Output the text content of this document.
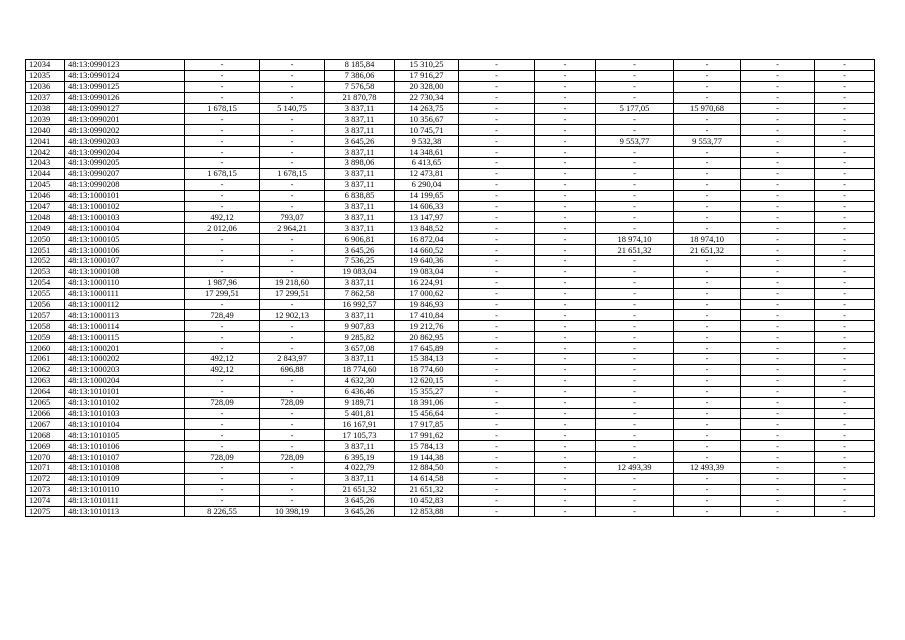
12034	48:13:0990123	-	-	8 185,84	15 310,25	-	-	-	-	-	-
12035	48:13:0990124	-	-	7 386,06	17 916,27	-	-	-	-	-	-
12036	48:13:0990125	-	-	7 576,58	20 328,00	-	-	-	-	-	-
12037	48:13:0990126	-	-	21 870,78	22 730,34	-	-	-	-	-	-
12038	48:13:0990127	1 678,15	5 140,75	3 837,11	14 263,75	-	-	5 177,05	15 970,68	-	-
12039	48:13:0990201	-	-	3 837,11	10 356,67	-	-	-	-	-	-
12040	48:13:0990202	-	-	3 837,11	10 745,71	-	-	-	-	-	-
12041	48:13:0990203	-	-	3 645,26	9 532,38	-	-	9 553,77	9 553,77	-	-
12042	48:13:0990204	-	-	3 837,11	14 348,61	-	-	-	-	-	-
12043	48:13:0990205	-	-	3 898,06	6 413,65	-	-	-	-	-	-
12044	48:13:0990207	1 678,15	1 678,15	3 837,11	12 473,81	-	-	-	-	-	-
12045	48:13:0990208	-	-	3 837,11	6 290,04	-	-	-	-	-	-
12046	48:13:1000101	-	-	6 838,85	14 199,65	-	-	-	-	-	-
12047	48:13:1000102	-	-	3 837,11	14 606,33	-	-	-	-	-	-
12048	48:13:1000103	492,12	793,07	3 837,11	13 147,97	-	-	-	-	-	-
12049	48:13:1000104	2 012,06	2 964,21	3 837,11	13 848,52	-	-	-	-	-	-
12050	48:13:1000105	-	-	6 906,81	16 872,04	-	-	18 974,10	18 974,10	-	-
12051	48:13:1000106	-	-	3 645,26	14 660,52	-	-	21 651,32	21 651,32	-	-
12052	48:13:1000107	-	-	7 536,25	19 640,36	-	-	-	-	-	-
12053	48:13:1000108	-	-	19 083,04	19 083,04	-	-	-	-	-	-
12054	48:13:1000110	1 987,96	19 218,60	3 837,11	16 224,91	-	-	-	-	-	-
12055	48:13:1000111	17 299,51	17 299,51	7 862,58	17 000,62	-	-	-	-	-	-
12056	48:13:1000112	-	-	16 992,57	19 846,93	-	-	-	-	-	-
12057	48:13:1000113	728,49	12 902,13	3 837,11	17 410,84	-	-	-	-	-	-
12058	48:13:1000114	-	-	9 907,83	19 212,76	-	-	-	-	-	-
12059	48:13:1000115	-	-	9 285,82	20 862,95	-	-	-	-	-	-
12060	48:13:1000201	-	-	3 657,08	17 645,89	-	-	-	-	-	-
12061	48:13:1000202	492,12	2 843,97	3 837,11	15 384,13	-	-	-	-	-	-
12062	48:13:1000203	492,12	696,88	18 774,60	18 774,60	-	-	-	-	-	-
12063	48:13:1000204	-	-	4 632,30	12 620,15	-	-	-	-	-	-
12064	48:13:1010101	-	-	6 436,46	15 355,27	-	-	-	-	-	-
12065	48:13:1010102	728,09	728,09	9 189,71	18 391,06	-	-	-	-	-	-
12066	48:13:1010103	-	-	5 401,81	15 456,64	-	-	-	-	-	-
12067	48:13:1010104	-	-	16 167,91	17 917,85	-	-	-	-	-	-
12068	48:13:1010105	-	-	17 105,73	17 991,62	-	-	-	-	-	-
12069	48:13:1010106	-	-	3 837,11	15 784,13	-	-	-	-	-	-
12070	48:13:1010107	728,09	728,09	6 395,19	19 144,38	-	-	-	-	-	-
12071	48:13:1010108	-	-	4 022,79	12 884,50	-	-	12 493,39	12 493,39	-	-
12072	48:13:1010109	-	-	3 837,11	14 614,58	-	-	-	-	-	-
12073	48:13:1010110	-	-	21 651,32	21 651,32	-	-	-	-	-	-
12074	48:13:1010111	-	-	3 645,26	10 452,83	-	-	-	-	-	-
12075	48:13:1010113	8 226,55	10 398,19	3 645,26	12 853,88	-	-	-	-	-	-
